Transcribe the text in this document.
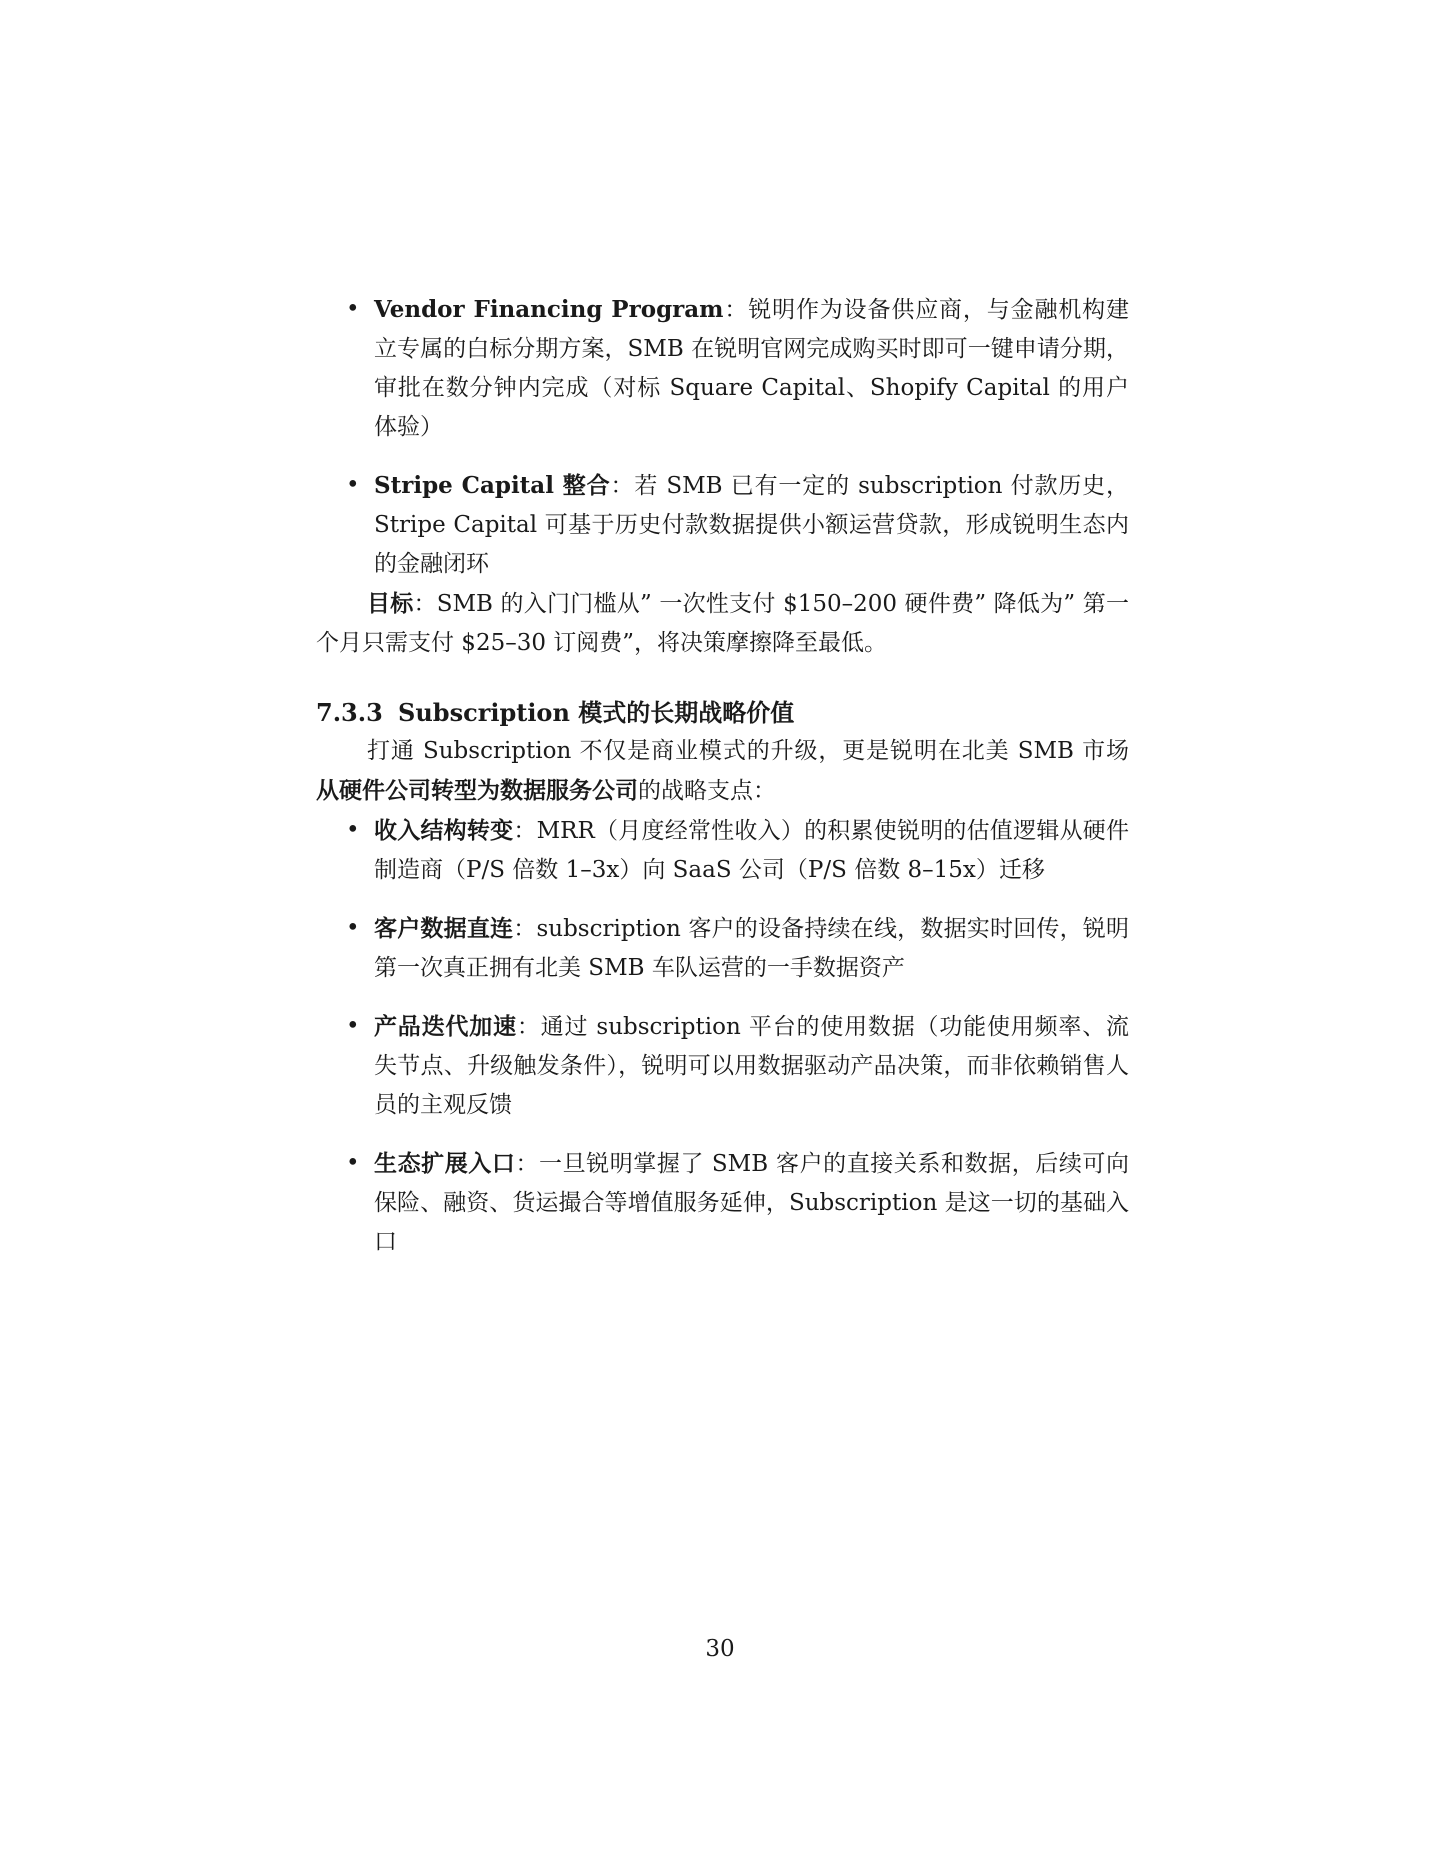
• Vendor Financing Program：锐明作为设备供应商，与金融机构建立专属的白标分期方案，SMB 在锐明官网完成购买时即可一键申请分期，审批在数分钟内完成（对标 Square Capital、Shopify Capital 的用户体验）
• Stripe Capital 整合：若 SMB 已有一定的 subscription 付款历史，Stripe Capital 可基于历史付款数据提供小额运营贷款，形成锐明生态内的金融闭环

目标：SMB 的入门门槛从” 一次性支付 $150–200 硬件费” 降低为” 第一个月只需支付 $25–30 订阅费”，将决策摩擦降至最低。

7.3.3 Subscription 模式的长期战略价值

打通 Subscription 不仅是商业模式的升级，更是锐明在北美 SMB 市场从硬件公司转型为数据服务公司的战略支点：

• 收入结构转变：MRR（月度经常性收入）的积累使锐明的估值逻辑从硬件制造商（P/S 倍数 1–3x）向 SaaS 公司（P/S 倍数 8–15x）迁移
• 客户数据直连：subscription 客户的设备持续在线，数据实时回传，锐明第一次真正拥有北美 SMB 车队运营的一手数据资产
• 产品迭代加速：通过 subscription 平台的使用数据（功能使用频率、流失节点、升级触发条件），锐明可以用数据驱动产品决策，而非依赖销售人员的主观反馈
• 生态扩展入口：一旦锐明掌握了 SMB 客户的直接关系和数据，后续可向保险、融资、货运撮合等增值服务延伸，Subscription 是这一切的基础入口
30
